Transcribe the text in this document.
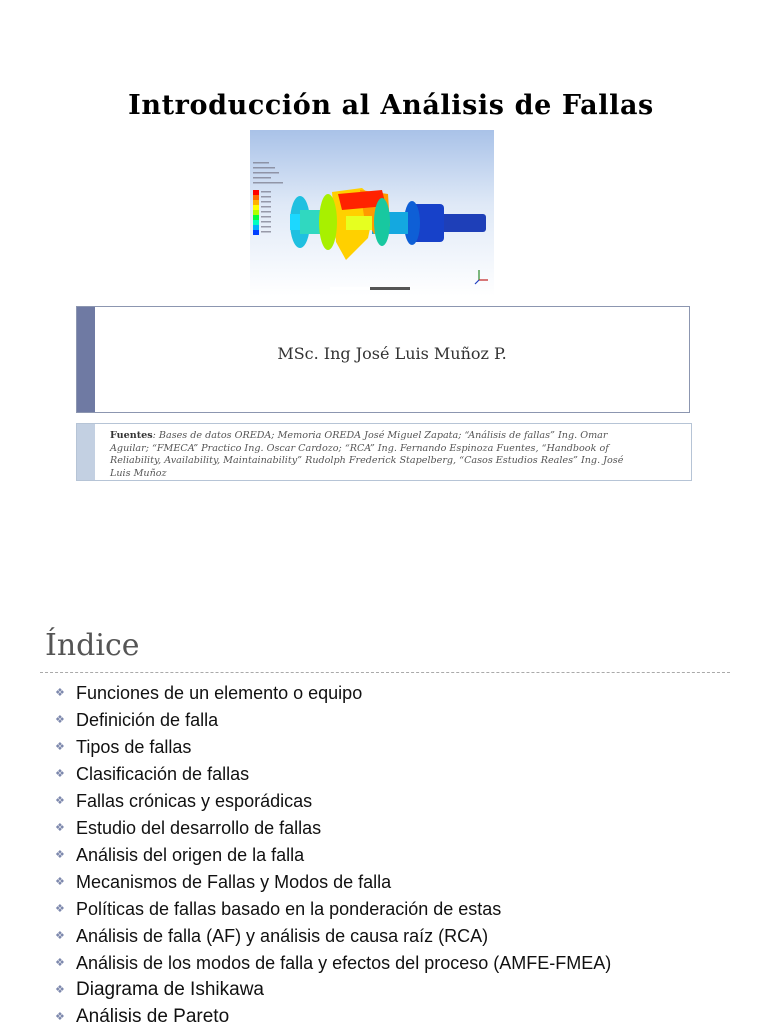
Introducción al Análisis de Fallas
MSc. Ing José Luis Muñoz P.
Fuentes: Bases de datos OREDA; Memoria OREDA José Miguel Zapata; “Análisis de fallas” Ing. Omar Aguilar; “FMECA” Practico Ing. Oscar Cardozo; “RCA” Ing. Fernando Espinoza Fuentes, “Handbook of Reliability, Availability, Maintainability” Rudolph Frederick Stapelberg, “Casos Estudios Reales” Ing. José Luis Muñoz
Índice
❖ Funciones de un elemento o equipo
❖ Definición de falla
❖ Tipos de fallas
❖ Clasificación de fallas
❖ Fallas crónicas y esporádicas
❖ Estudio del desarrollo de fallas
❖ Análisis del origen de la falla
❖ Mecanismos de Fallas y Modos de falla
❖ Políticas de fallas basado en la ponderación de estas
❖ Análisis de falla (AF) y análisis de causa raíz (RCA)
❖ Análisis de los modos de falla y efectos del proceso (AMFE-FMEA)
❖ Diagrama de Ishikawa
❖ Análisis de Pareto
